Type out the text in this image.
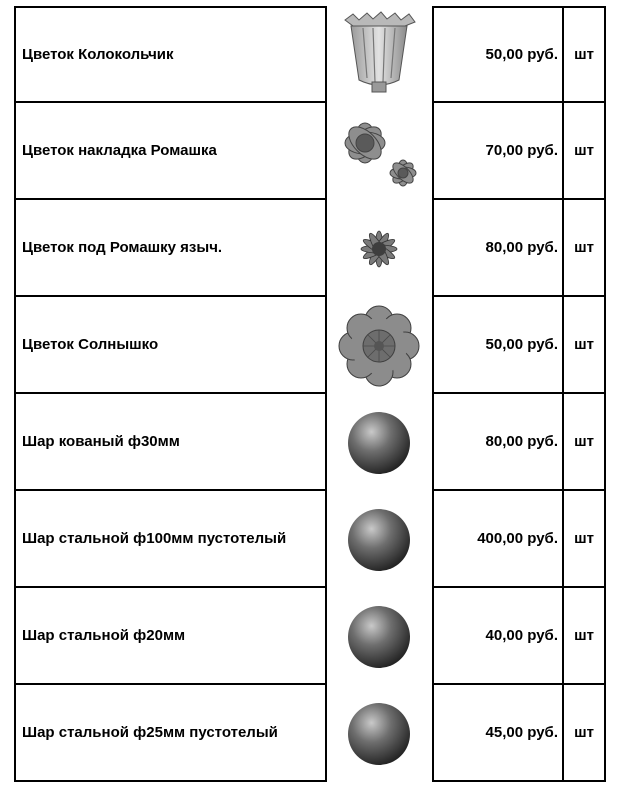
Цветок Колокольчик	50,00 руб.	шт
Цветок накладка Ромашка	70,00 руб.	шт
Цветок под Ромашку языч.	80,00 руб.	шт
Цветок Солнышко	50,00 руб.	шт
Шар кованый ф30мм	80,00 руб.	шт
Шар стальной ф100мм пустотелый	400,00 руб.	шт
Шар стальной ф20мм	40,00 руб.	шт
Шар стальной ф25мм пустотелый	45,00 руб.	шт
